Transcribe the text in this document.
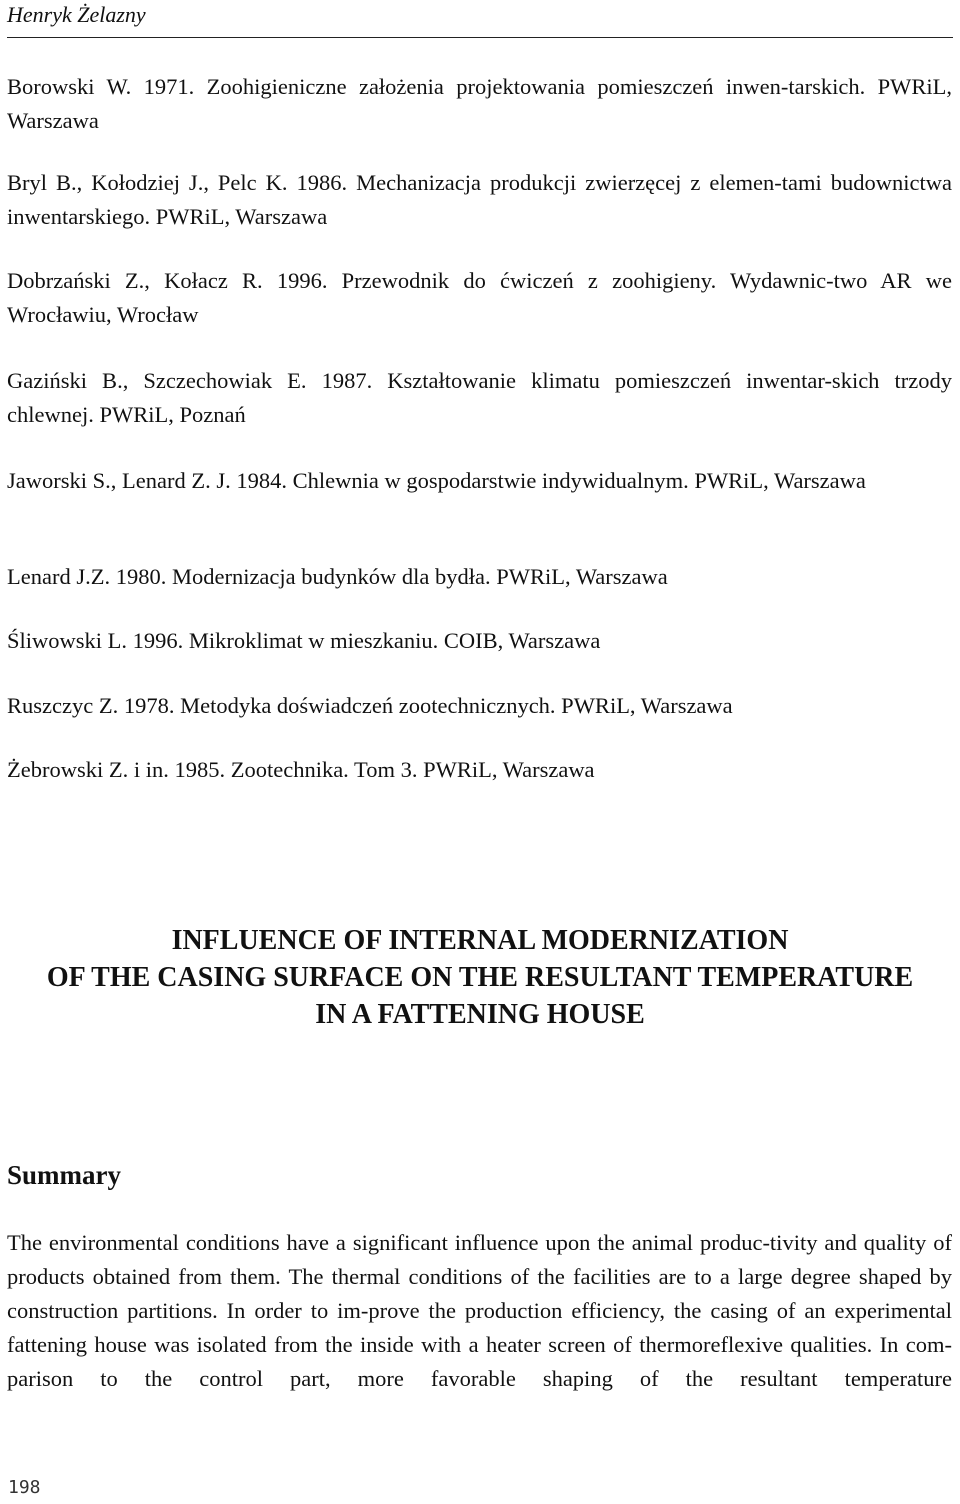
Henryk Żelazny
Borowski W. 1971. Zoohigieniczne założenia projektowania pomieszczeń inwen-tarskich. PWRiL, Warszawa
Bryl B., Kołodziej J., Pelc K. 1986. Mechanizacja produkcji zwierzęcej z elemen-tami budownictwa inwentarskiego. PWRiL, Warszawa
Dobrzański Z., Kołacz R. 1996. Przewodnik do ćwiczeń z zoohigieny. Wydawnic-two AR we Wrocławiu, Wrocław
Gaziński B., Szczechowiak E. 1987. Kształtowanie klimatu pomieszczeń inwentar-skich trzody chlewnej. PWRiL, Poznań
Jaworski S., Lenard Z. J. 1984. Chlewnia w gospodarstwie indywidualnym. PWRiL, Warszawa
Lenard J.Z. 1980. Modernizacja budynków dla bydła. PWRiL, Warszawa
Śliwowski L. 1996. Mikroklimat w mieszkaniu. COIB, Warszawa
Ruszczyc Z. 1978. Metodyka doświadczeń zootechnicznych. PWRiL, Warszawa
Żebrowski Z. i in. 1985. Zootechnika. Tom 3. PWRiL, Warszawa
INFLUENCE OF INTERNAL MODERNIZATION
OF THE CASING SURFACE ON THE RESULTANT TEMPERATURE
IN A FATTENING HOUSE
Summary
The environmental conditions have a significant influence upon the animal produc-tivity and quality of products obtained from them. The thermal conditions of the facilities are to a large degree shaped by construction partitions. In order to im-prove the production efficiency, the casing of an experimental fattening house was isolated from the inside with a heater screen of thermoreflexive qualities. In com-parison to the control part, more favorable shaping of the resultant temperature
198
